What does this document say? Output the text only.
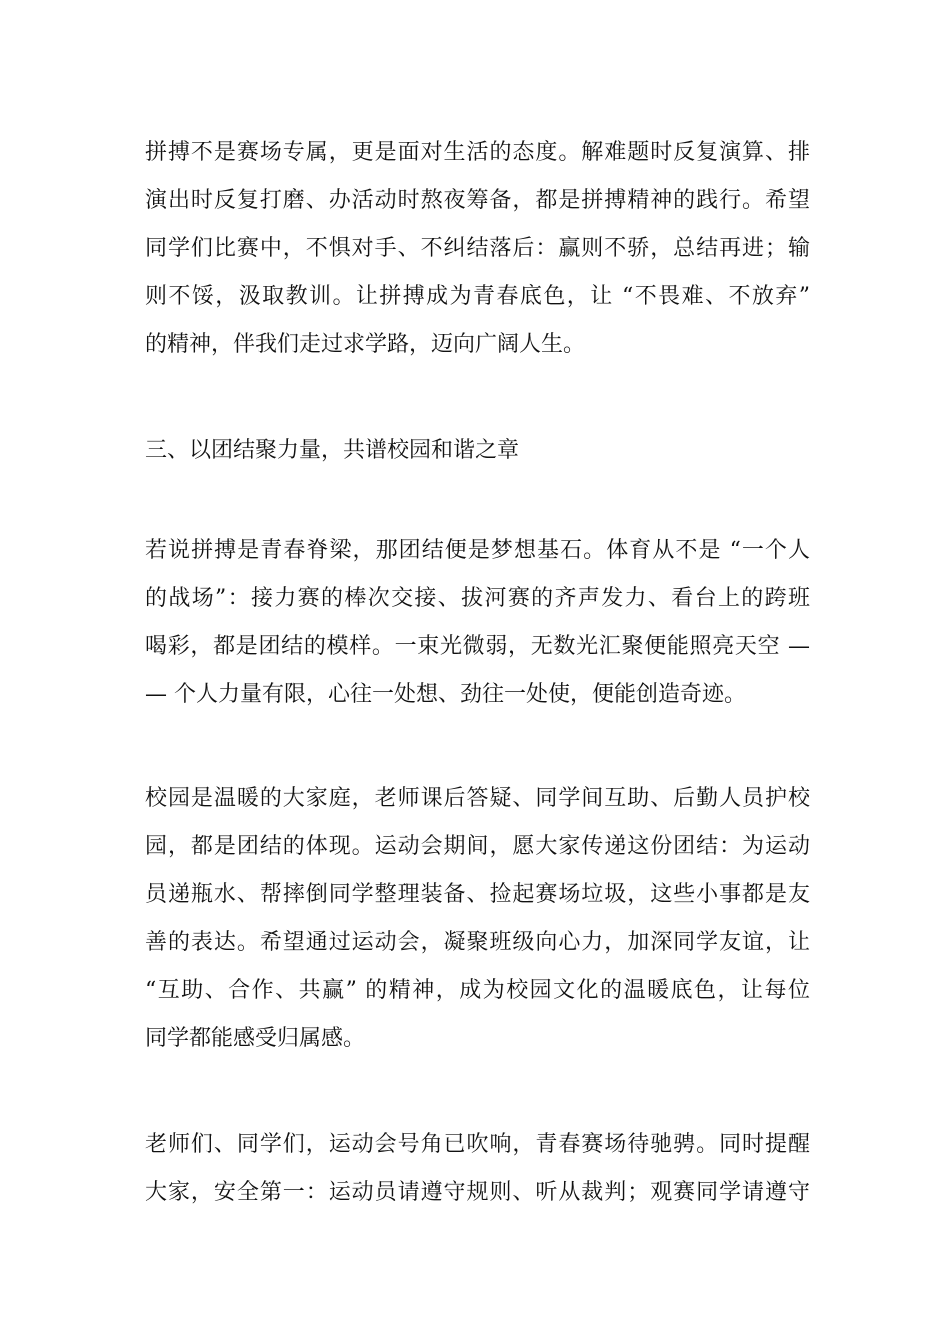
拼搏不是赛场专属，更是面对生活的态度。解难题时反复演算、排
演出时反复打磨、办活动时熬夜筹备，都是拼搏精神的践行。希望
同学们比赛中，不惧对手、不纠结落后：赢则不骄，总结再进；输
则不馁，汲取教训。让拼搏成为青春底色，让 “不畏难、不放弃”
的精神，伴我们走过求学路，迈向广阔人生。
三、以团结聚力量，共谱校园和谐之章
若说拼搏是青春脊梁，那团结便是梦想基石。体育从不是 “一个人
的战场”：接力赛的棒次交接、拔河赛的齐声发力、看台上的跨班
喝彩，都是团结的模样。一束光微弱，无数光汇聚便能照亮天空 —
— 个人力量有限，心往一处想、劲往一处使，便能创造奇迹。
校园是温暖的大家庭，老师课后答疑、同学间互助、后勤人员护校
园，都是团结的体现。运动会期间，愿大家传递这份团结：为运动
员递瓶水、帮摔倒同学整理装备、捡起赛场垃圾，这些小事都是友
善的表达。希望通过运动会，凝聚班级向心力，加深同学友谊，让
“互助、合作、共赢” 的精神，成为校园文化的温暖底色，让每位
同学都能感受归属感。
老师们、同学们，运动会号角已吹响，青春赛场待驰骋。同时提醒
大家，安全第一：运动员请遵守规则、听从裁判；观赛同学请遵守
